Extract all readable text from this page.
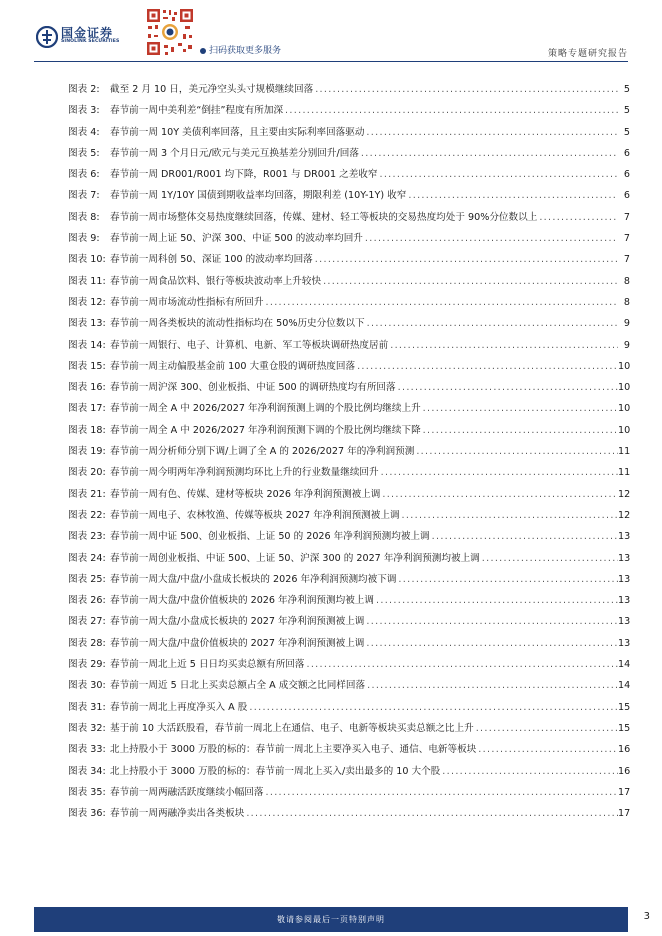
国金证券
SINOLINK SECURITIES
扫码获取更多服务	策略专题研究报告
图表 2:	截至 2 月 10 日，美元净空头头寸规模继续回落 .....	5
图表 3:	春节前一周中美利差“倒挂”程度有所加深 .....	5
图表 4:	春节前一周 10Y 美债利率回落，且主要由实际利率回落驱动 .....	5
图表 5:	春节前一周 3 个月日元/欧元与美元互换基差分别回升/回落 .....	6
图表 6:	春节前一周 DR001/R001 均下降，R001 与 DR001 之差收窄 .....	6
图表 7:	春节前一周 1Y/10Y 国债到期收益率均回落，期限利差 (10Y-1Y) 收窄 .....	6
图表 8:	春节前一周市场整体交易热度继续回落，传媒、建材、轻工等板块的交易热度均处于 90%分位数以上 .....	7
图表 9:	春节前一周上证 50、沪深 300、中证 500 的波动率均回升 .....	7
图表 10: 春节前一周科创 50、深证 100 的波动率均回落 .....	7
图表 11: 春节前一周食品饮料、银行等板块波动率上升较快 .....	8
图表 12: 春节前一周市场流动性指标有所回升 .....	8
图表 13: 春节前一周各类板块的流动性指标均在 50%历史分位数以下 .....	9
图表 14: 春节前一周银行、电子、计算机、电新、军工等板块调研热度居前 .....	9
图表 15: 春节前一周主动偏股基金前 100 大重仓股的调研热度回落 .....	10
图表 16: 春节前一周沪深 300、创业板指、中证 500 的调研热度均有所回落 .....	10
图表 17: 春节前一周全 A 中 2026/2027 年净利润预测上调的个股比例均继续上升 .....	10
图表 18: 春节前一周全 A 中 2026/2027 年净利润预测下调的个股比例均继续下降 .....	10
图表 19: 春节前一周分析师分别下调/上调了全 A 的 2026/2027 年的净利润预测 .....	11
图表 20: 春节前一周今明两年净利润预测均环比上升的行业数量继续回升 .....	11
图表 21: 春节前一周有色、传媒、建材等板块 2026 年净利润预测被上调 .....	12
图表 22: 春节前一周电子、农林牧渔、传媒等板块 2027 年净利润预测被上调 .....	12
图表 23: 春节前一周中证 500、创业板指、上证 50 的 2026 年净利润预测均被上调 .....	13
图表 24: 春节前一周创业板指、中证 500、上证 50、沪深 300 的 2027 年净利润预测均被上调 .....	13
图表 25: 春节前一周大盘/中盘/小盘成长板块的 2026 年净利润预测均被下调 .....	13
图表 26: 春节前一周大盘/中盘价值板块的 2026 年净利润预测均被上调 .....	13
图表 27: 春节前一周大盘/小盘成长板块的 2027 年净利润预测被上调 .....	13
图表 28: 春节前一周大盘/中盘价值板块的 2027 年净利润预测被上调 .....	13
图表 29: 春节前一周北上近 5 日日均买卖总额有所回落 .....	14
图表 30: 春节前一周近 5 日北上买卖总额占全 A 成交额之比同样回落 .....	14
图表 31: 春节前一周北上再度净买入 A 股 .....	15
图表 32: 基于前 10 大活跃股看，春节前一周北上在通信、电子、电新等板块买卖总额之比上升 .....	15
图表 33: 北上持股小于 3000 万股的标的：春节前一周北上主要净买入电子、通信、电新等板块 .....	16
图表 34: 北上持股小于 3000 万股的标的：春节前一周北上买入/卖出最多的 10 大个股 .....	16
图表 35: 春节前一周两融活跃度继续小幅回落 .....	17
图表 36: 春节前一周两融净卖出各类板块 .....	17
敬请参阅最后一页特别声明	3
